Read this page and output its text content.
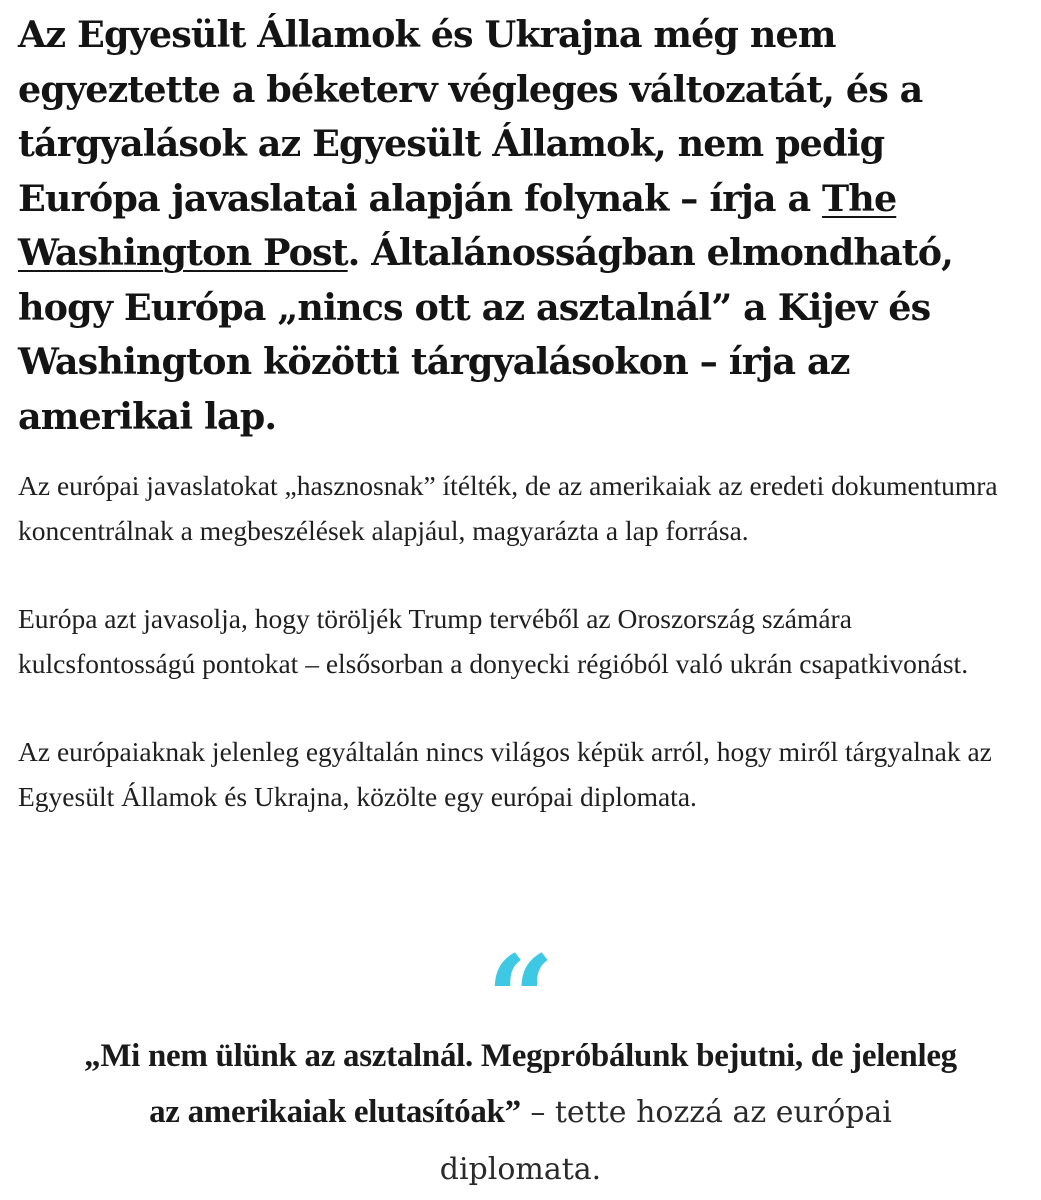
Az Egyesült Államok és Ukrajna még nem egyeztette a béketerv végleges változatát, és a tárgyalások az Egyesült Államok, nem pedig Európa javaslatai alapján folynak – írja a The Washington Post. Általánosságban elmondható, hogy Európa „nincs ott az asztalnál” a Kijev és Washington közötti tárgyalásokon – írja az amerikai lap.

Az európai javaslatokat „hasznosnak” ítélték, de az amerikaiak az eredeti dokumentumra koncentrálnak a megbeszélések alapjául, magyarázta a lap forrása.

Európa azt javasolja, hogy töröljék Trump tervéből az Oroszország számára kulcsfontosságú pontokat – elsősorban a donyecki régióból való ukrán csapatkivonást.

Az európaiaknak jelenleg egyáltalán nincs világos képük arról, hogy miről tárgyalnak az Egyesült Államok és Ukrajna, közölte egy európai diplomata.

“

„Mi nem ülünk az asztalnál. Megpróbálunk bejutni, de jelenleg az amerikaiak elutasítóak” – tette hozzá az európai diplomata.
